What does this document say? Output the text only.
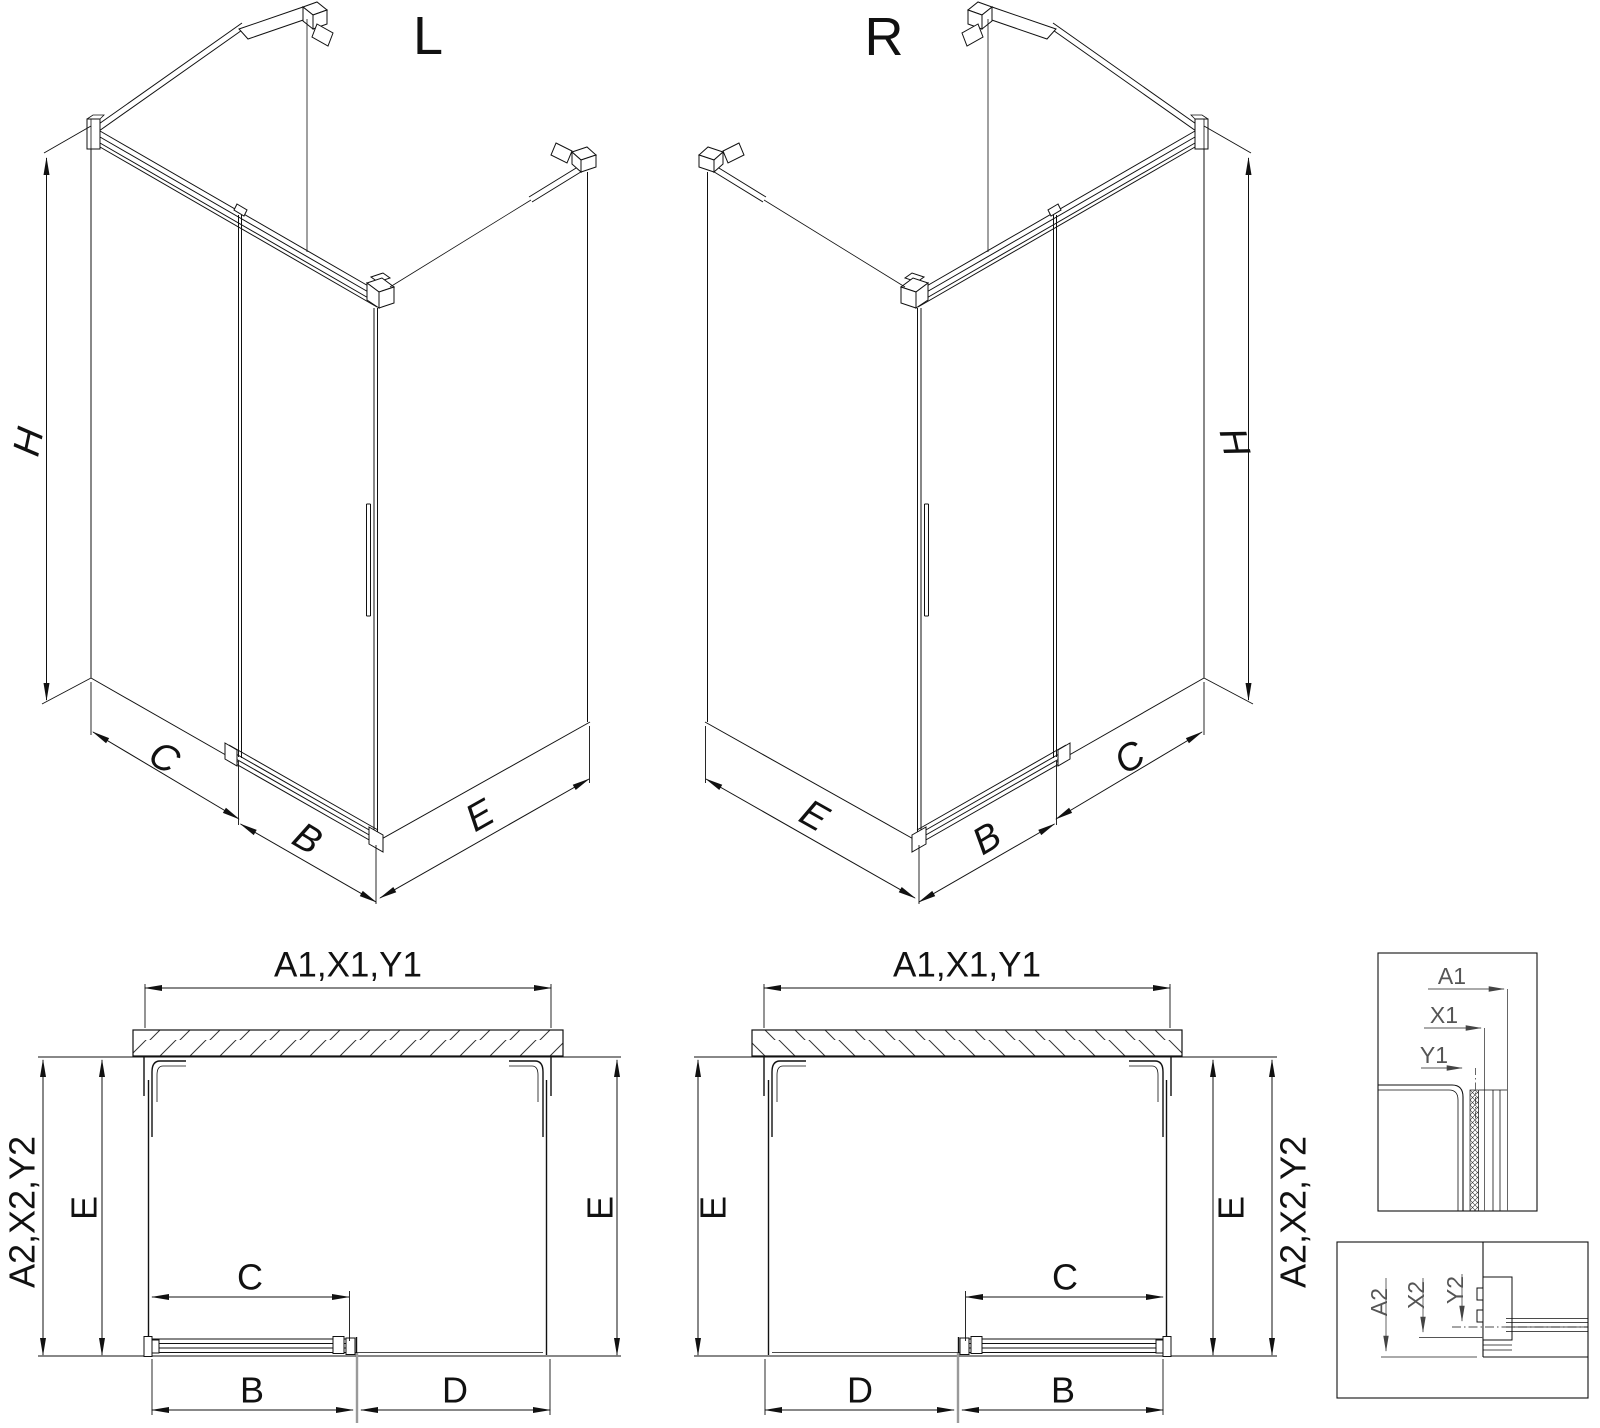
L
H
C
B	E
R
H
C
B
E
A1,X1,Y1
A2,X2,Y2 E	E
C
B	D
A1,X1,Y1
A2,X2,Y2
E	E
C
B
D
A1
X1
Y1
A2 X2 Y2
